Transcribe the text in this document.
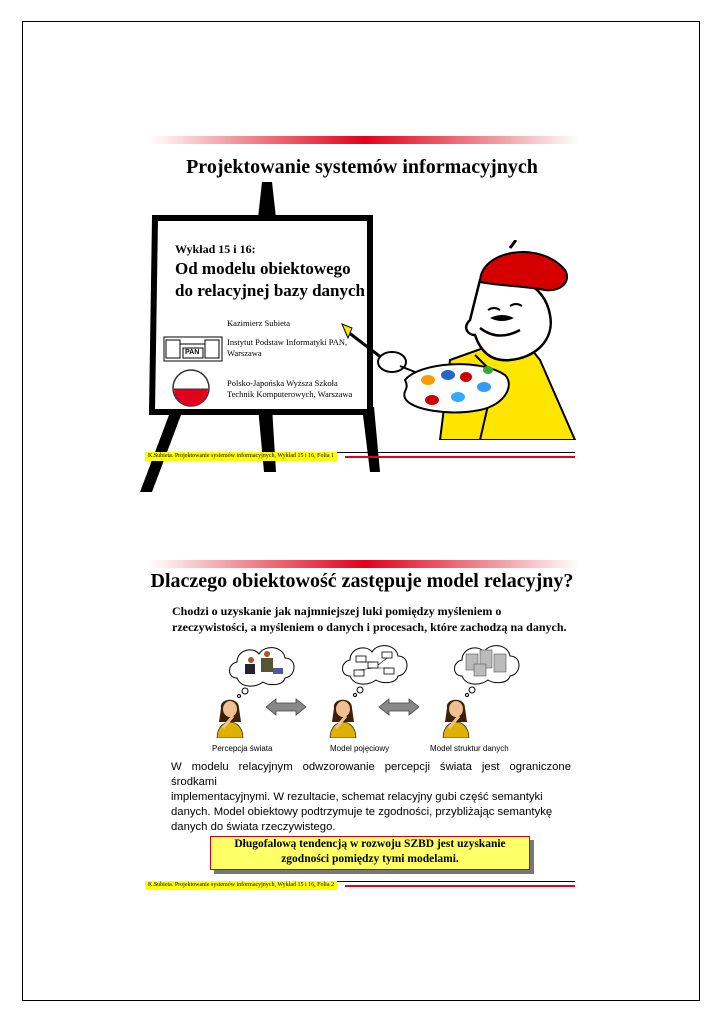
Projektowanie systemów informacyjnych
Wykład 15 i 16:
Od modelu obiektowego
do relacyjnej bazy danych
Kazimierz Subieta
PAN
Instytut Podstaw Informatyki PAN,
Warszawa
Polsko-Japońska Wyższa Szkoła
Technik Komputerowych, Warszawa
K.Subieta. Projektowanie systemów informacyjnych, Wykład 15 i 16, Folia 1
Dlaczego obiektowość zastępuje model relacyjny?
Chodzi o uzyskanie jak najmniejszej luki pomiędzy myśleniem o
rzeczywistości, a myśleniem o danych i procesach, które zachodzą na danych.
Percepcja świata	Model pojęciowy	Model struktur danych
W modelu relacyjnym odwzorowanie percepcji świata jest ograniczone środkami
implementacyjnymi. W rezultacie, schemat relacyjny gubi część semantyki
danych. Model obiektowy podtrzymuje te zgodności, przybliżając semantykę
danych do świata rzeczywistego.
Długofalową tendencją w rozwoju SZBD jest uzyskanie
zgodności pomiędzy tymi modelami.
K.Subieta. Projektowanie systemów informacyjnych, Wykład 15 i 16, Folia 2
